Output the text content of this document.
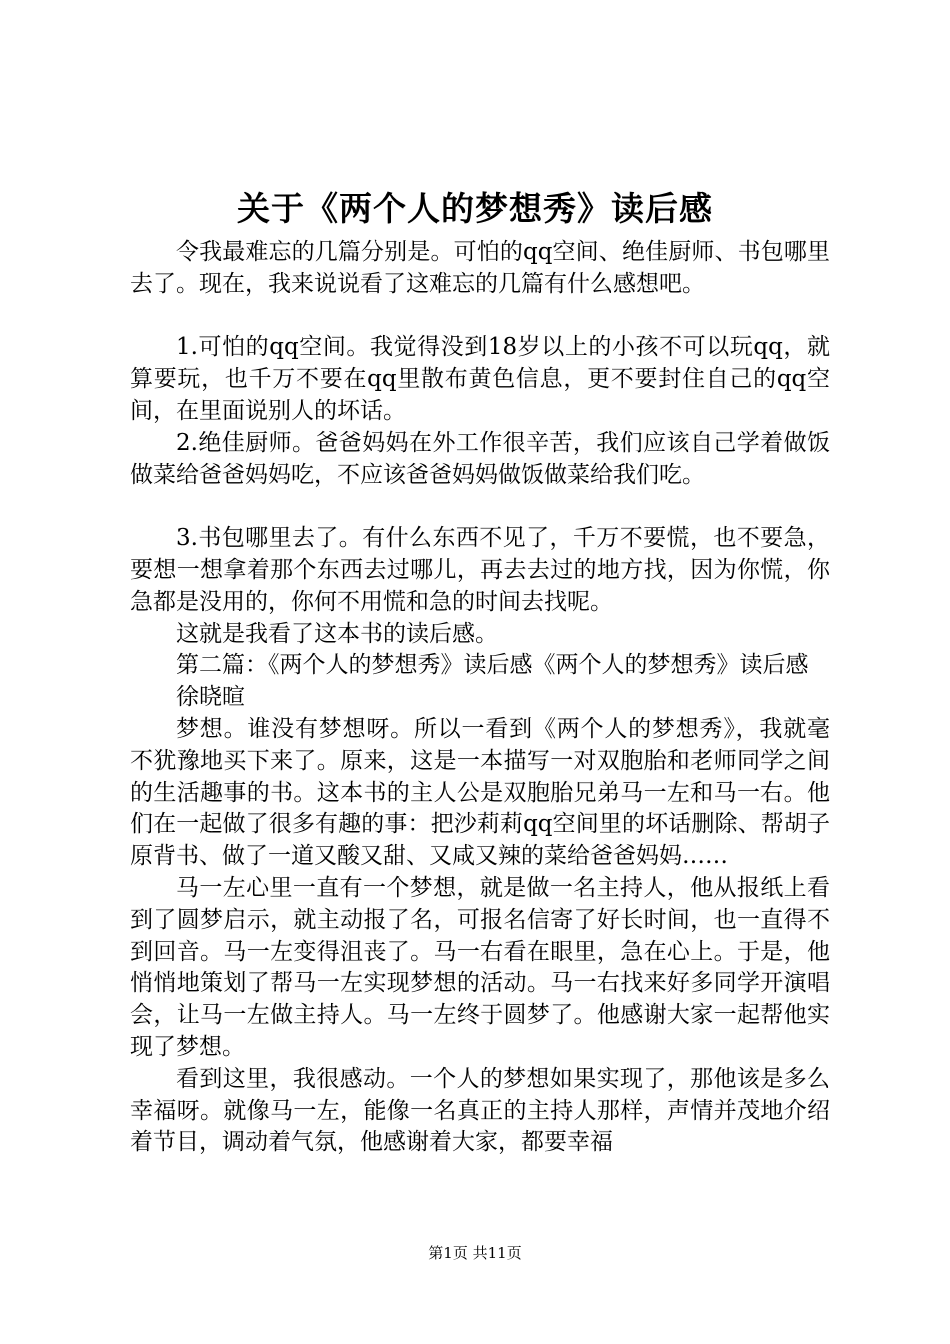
关于《两个人的梦想秀》读后感

令我最难忘的几篇分别是。可怕的qq空间、绝佳厨师、书包哪里去了。现在，我来说说看了这难忘的几篇有什么感想吧。

1.可怕的qq空间。我觉得没到18岁以上的小孩不可以玩qq，就算要玩，也千万不要在qq里散布黄色信息，更不要封住自己的qq空间，在里面说别人的坏话。

2.绝佳厨师。爸爸妈妈在外工作很辛苦，我们应该自己学着做饭做菜给爸爸妈妈吃，不应该爸爸妈妈做饭做菜给我们吃。

3.书包哪里去了。有什么东西不见了，千万不要慌，也不要急，要想一想拿着那个东西去过哪儿，再去去过的地方找，因为你慌，你急都是没用的，你何不用慌和急的时间去找呢。

这就是我看了这本书的读后感。

第二篇：《两个人的梦想秀》读后感《两个人的梦想秀》读后感

徐晓暄

梦想。谁没有梦想呀。所以一看到《两个人的梦想秀》，我就毫不犹豫地买下来了。原来，这是一本描写一对双胞胎和老师同学之间的生活趣事的书。这本书的主人公是双胞胎兄弟马一左和马一右。他们在一起做了很多有趣的事：把沙莉莉qq空间里的坏话删除、帮胡子原背书、做了一道又酸又甜、又咸又辣的菜给爸爸妈妈……

马一左心里一直有一个梦想，就是做一名主持人，他从报纸上看到了圆梦启示，就主动报了名，可报名信寄了好长时间，也一直得不到回音。马一左变得沮丧了。马一右看在眼里，急在心上。于是，他悄悄地策划了帮马一左实现梦想的活动。马一右找来好多同学开演唱会，让马一左做主持人。马一左终于圆梦了。他感谢大家一起帮他实现了梦想。

看到这里，我很感动。一个人的梦想如果实现了，那他该是多么幸福呀。就像马一左，能像一名真正的主持人那样，声情并茂地介绍着节目，调动着气氛，他感谢着大家，都要幸福

第1页 共11页
